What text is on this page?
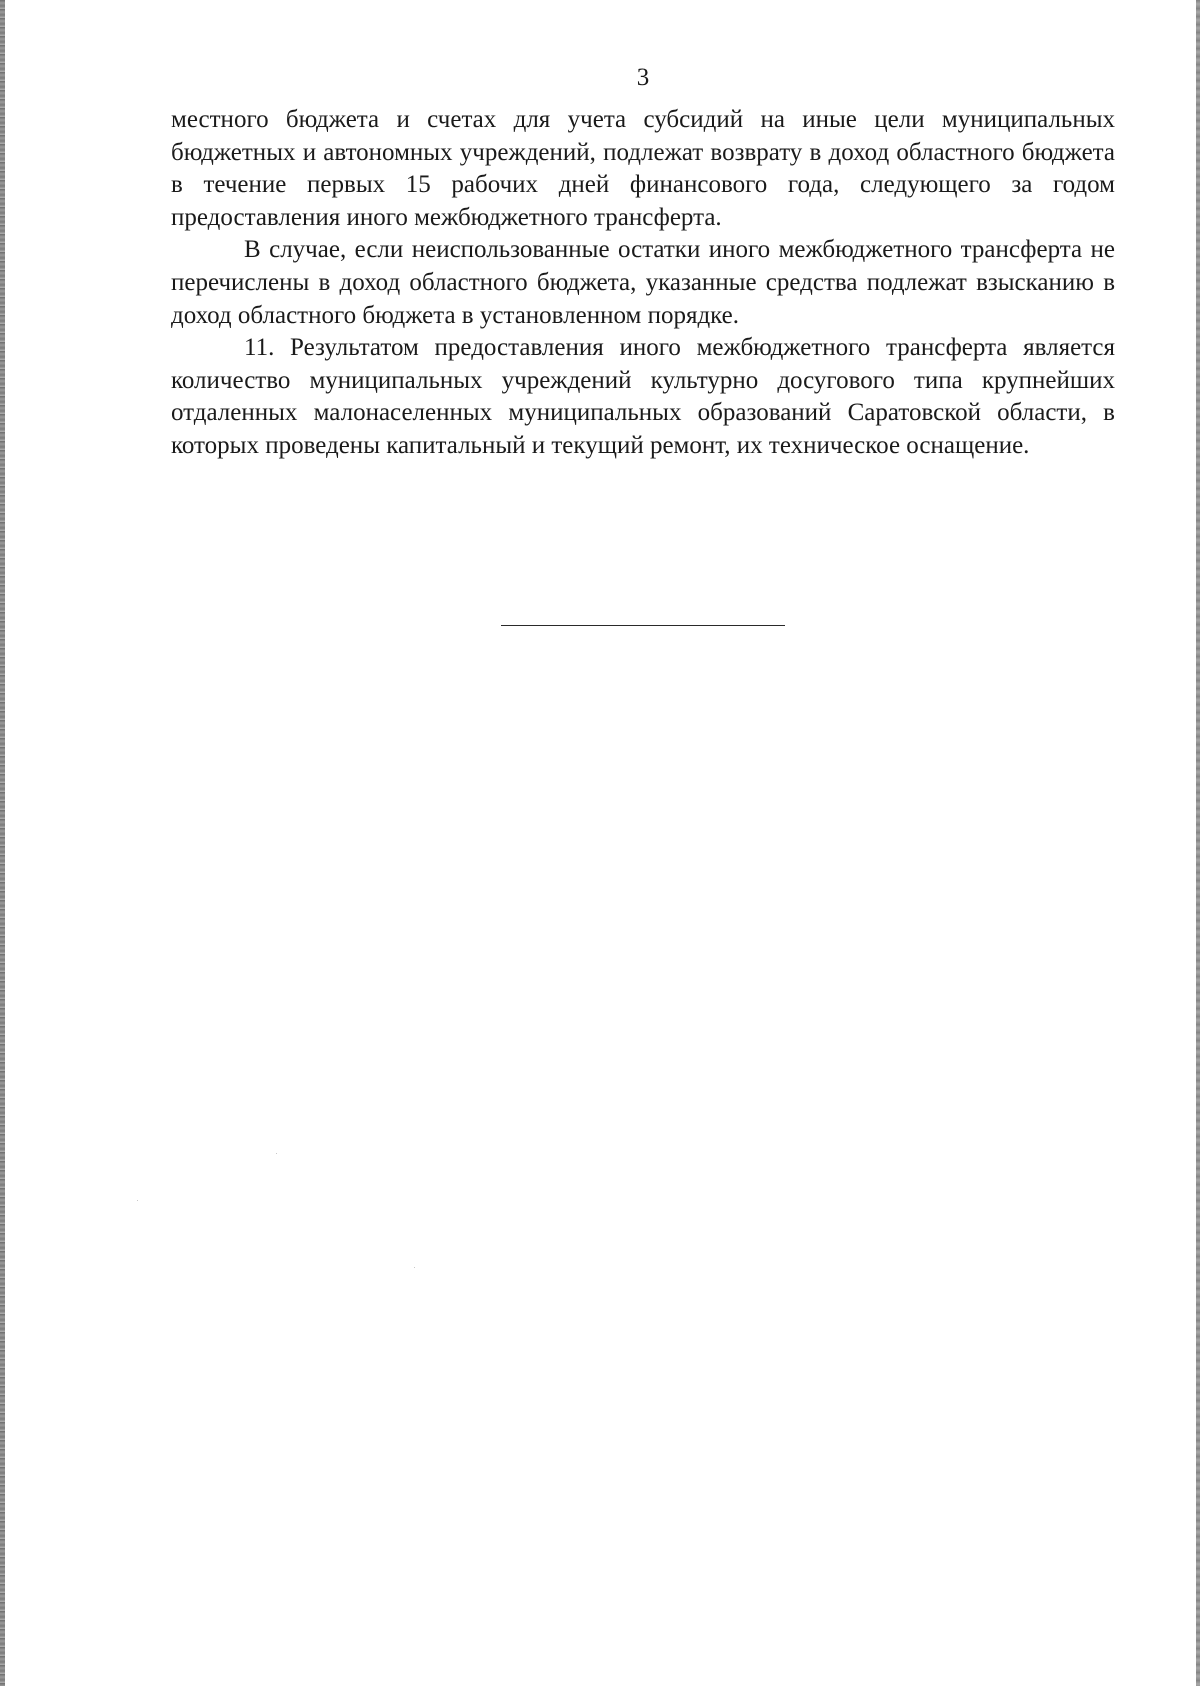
3

местного бюджета и счетах для учета субсидий на иные цели муниципальных бюджетных и автономных учреждений, подлежат возврату в доход областного бюджета в течение первых 15 рабочих дней финансового года, следующего за годом предоставления иного межбюджетного трансферта.

В случае, если неиспользованные остатки иного межбюджетного трансферта не перечислены в доход областного бюджета, указанные средства подлежат взысканию в доход областного бюджета в установленном порядке.

11. Результатом предоставления иного межбюджетного трансферта является количество муниципальных учреждений культурно досугового типа крупнейших отдаленных малонаселенных муниципальных образований Саратовской области, в которых проведены капитальный и текущий ремонт, их техническое оснащение.
